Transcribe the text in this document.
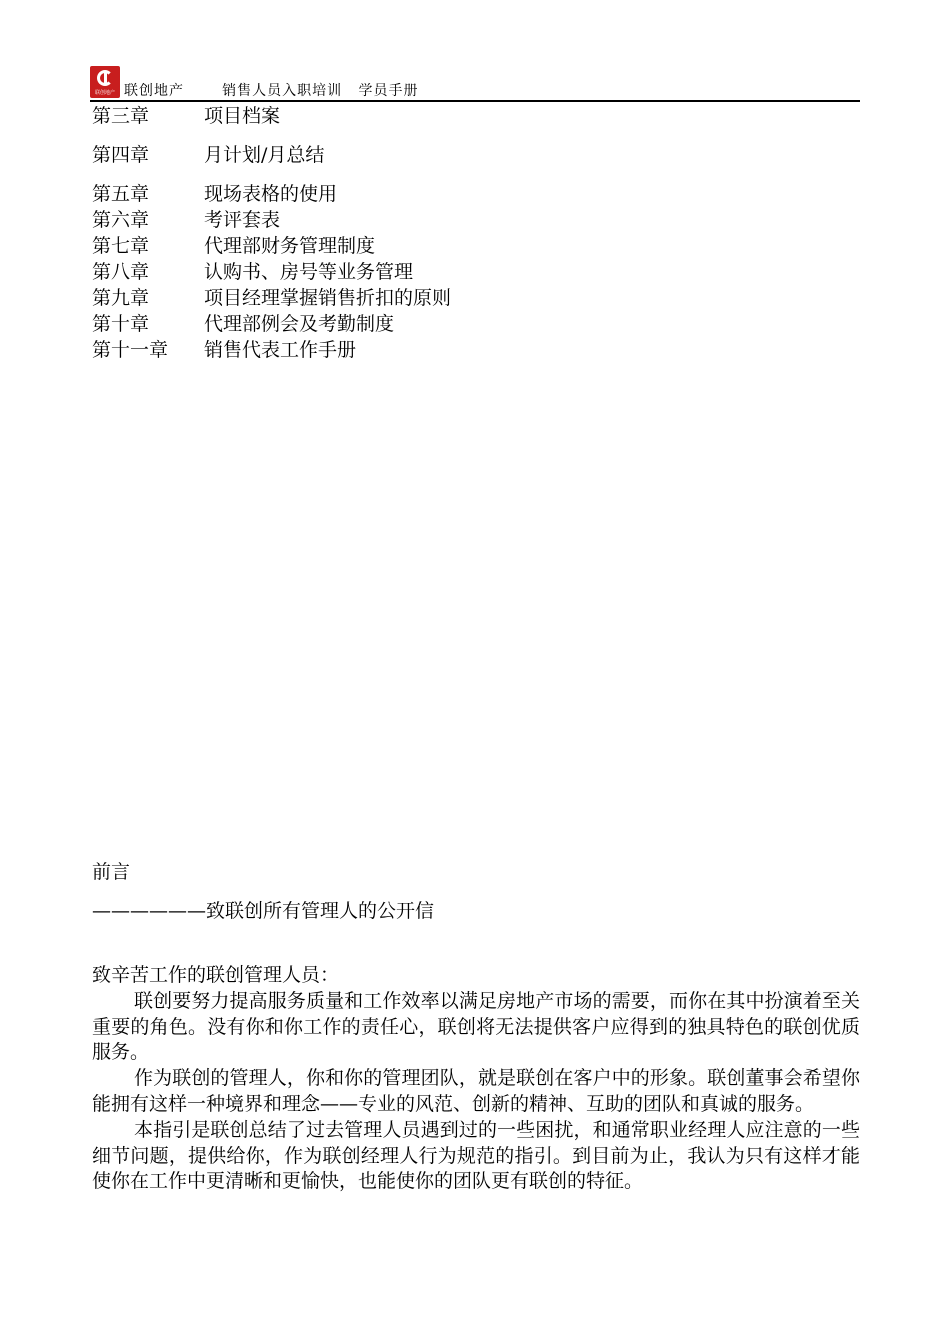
联创地产 联创地产	销售人员入职培训 学员手册
第三章	项目档案
第四章	月计划/月总结
第五章	现场表格的使用
第六章	考评套表
第七章	代理部财务管理制度
第八章	认购书、房号等业务管理
第九章	项目经理掌握销售折扣的原则
第十章	代理部例会及考勤制度
第十一章 销售代表工作手册
前言
——————致联创所有管理人的公开信

致辛苦工作的联创管理人员：

联创要努力提高服务质量和工作效率以满足房地产市场的需要，而你在其中扮演着至关重要的角色。没有你和你工作的责任心，联创将无法提供客户应得到的独具特色的联创优质服务。

作为联创的管理人，你和你的管理团队，就是联创在客户中的形象。联创董事会希望你能拥有这样一种境界和理念——专业的风范、创新的精神、互助的团队和真诚的服务。

本指引是联创总结了过去管理人员遇到过的一些困扰，和通常职业经理人应注意的一些细节问题，提供给你，作为联创经理人行为规范的指引。到目前为止，我认为只有这样才能使你在工作中更清晰和更愉快，也能使你的团队更有联创的特征。
